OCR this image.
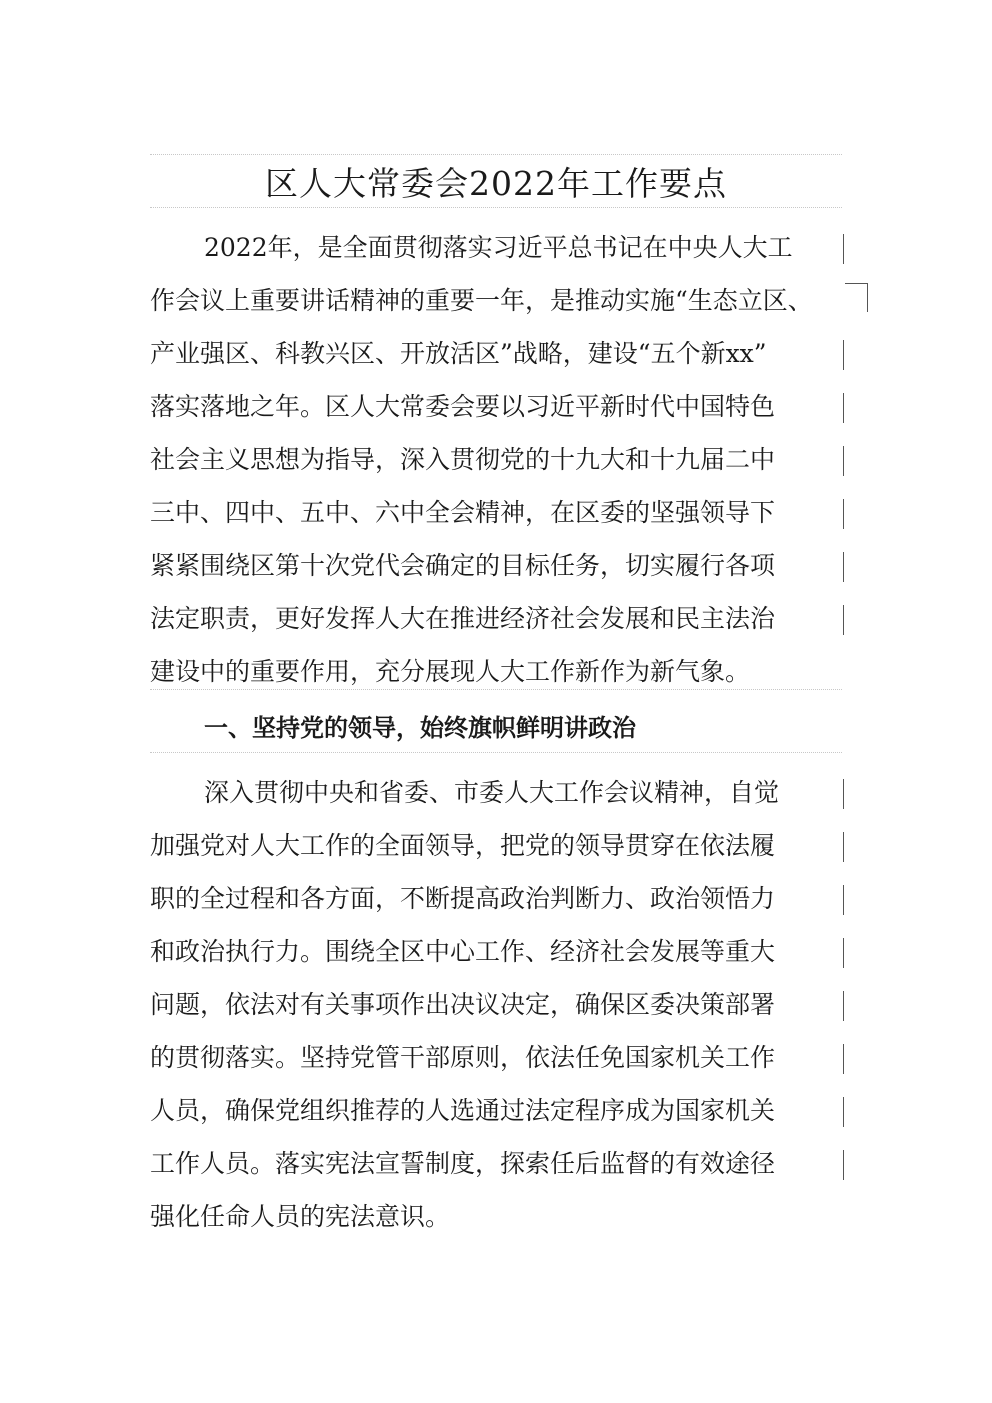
区人大常委会2022年工作要点
2022年，是全面贯彻落实习近平总书记在中央人大工
作会议上重要讲话精神的重要一年，是推动实施“生态立区、
产业强区、科教兴区、开放活区”战略，建设“五个新xx”
落实落地之年。区人大常委会要以习近平新时代中国特色
社会主义思想为指导，深入贯彻党的十九大和十九届二中
三中、四中、五中、六中全会精神，在区委的坚强领导下
紧紧围绕区第十次党代会确定的目标任务，切实履行各项
法定职责，更好发挥人大在推进经济社会发展和民主法治
建设中的重要作用，充分展现人大工作新作为新气象。
一、坚持党的领导，始终旗帜鲜明讲政治
深入贯彻中央和省委、市委人大工作会议精神，自觉
加强党对人大工作的全面领导，把党的领导贯穿在依法履
职的全过程和各方面，不断提高政治判断力、政治领悟力
和政治执行力。围绕全区中心工作、经济社会发展等重大
问题，依法对有关事项作出决议决定，确保区委决策部署
的贯彻落实。坚持党管干部原则，依法任免国家机关工作
人员，确保党组织推荐的人选通过法定程序成为国家机关
工作人员。落实宪法宣誓制度，探索任后监督的有效途径
强化任命人员的宪法意识。
